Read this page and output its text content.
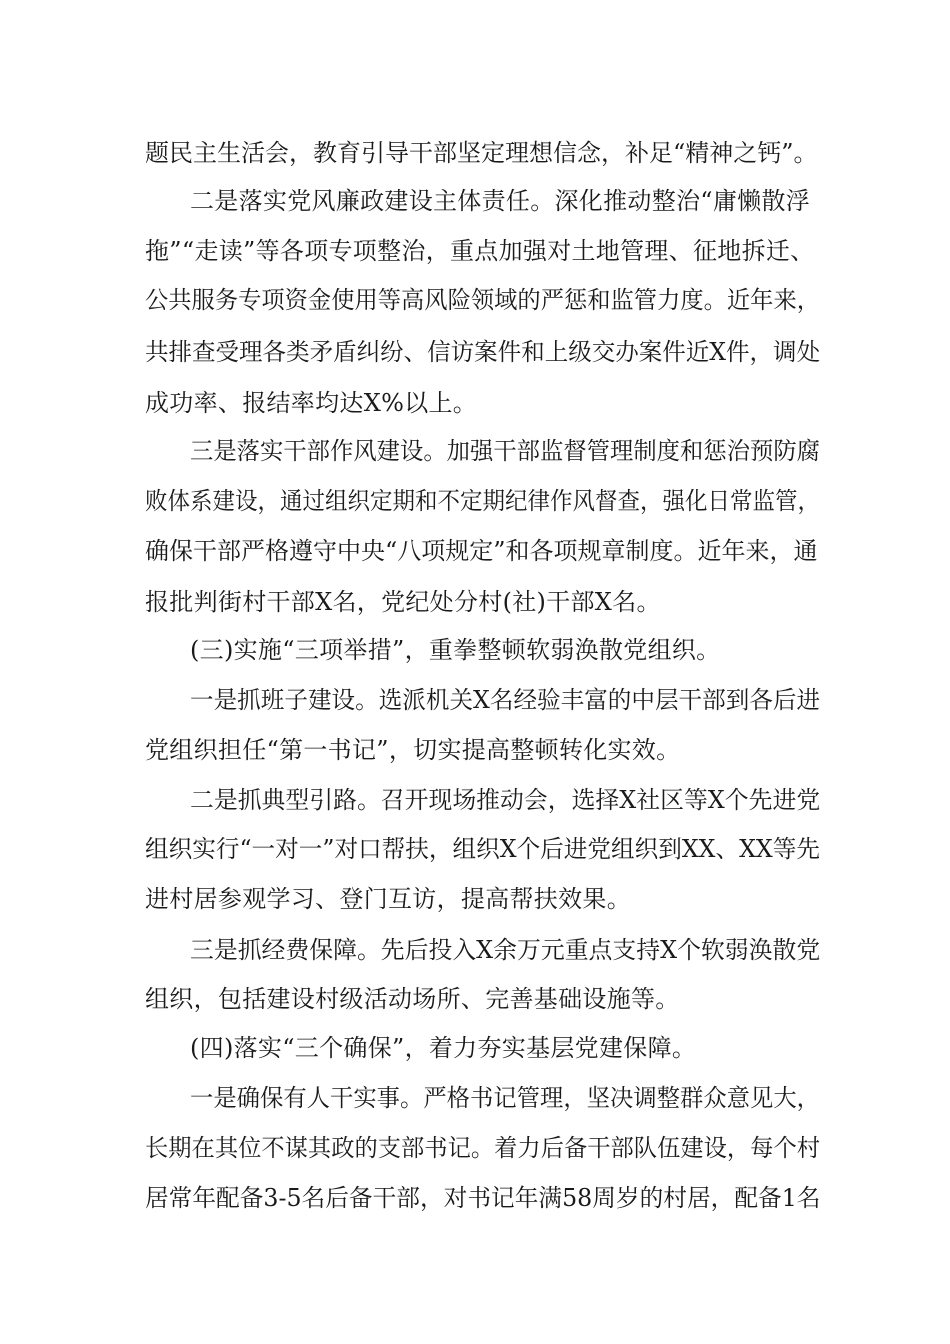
题民主生活会，教育引导干部坚定理想信念，补足“精神之钙”。
二是落实党风廉政建设主体责任。深化推动整治“庸懒散浮
拖”“走读”等各项专项整治，重点加强对土地管理、征地拆迁、
公共服务专项资金使用等高风险领域的严惩和监管力度。近年来，
共排查受理各类矛盾纠纷、信访案件和上级交办案件近X件，调处
成功率、报结率均达X%以上。
三是落实干部作风建设。加强干部监督管理制度和惩治预防腐
败体系建设，通过组织定期和不定期纪律作风督查，强化日常监管，
确保干部严格遵守中央“八项规定”和各项规章制度。近年来，通
报批判街村干部X名，党纪处分村(社)干部X名。
(三)实施“三项举措”，重拳整顿软弱涣散党组织。
一是抓班子建设。选派机关X名经验丰富的中层干部到各后进
党组织担任“第一书记”，切实提高整顿转化实效。
二是抓典型引路。召开现场推动会，选择X社区等X个先进党
组织实行“一对一”对口帮扶，组织X个后进党组织到XX、XX等先
进村居参观学习、登门互访，提高帮扶效果。
三是抓经费保障。先后投入X余万元重点支持X个软弱涣散党
组织，包括建设村级活动场所、完善基础设施等。
(四)落实“三个确保”，着力夯实基层党建保障。
一是确保有人干实事。严格书记管理，坚决调整群众意见大，
长期在其位不谋其政的支部书记。着力后备干部队伍建设，每个村
居常年配备3-5名后备干部，对书记年满58周岁的村居，配备1名
